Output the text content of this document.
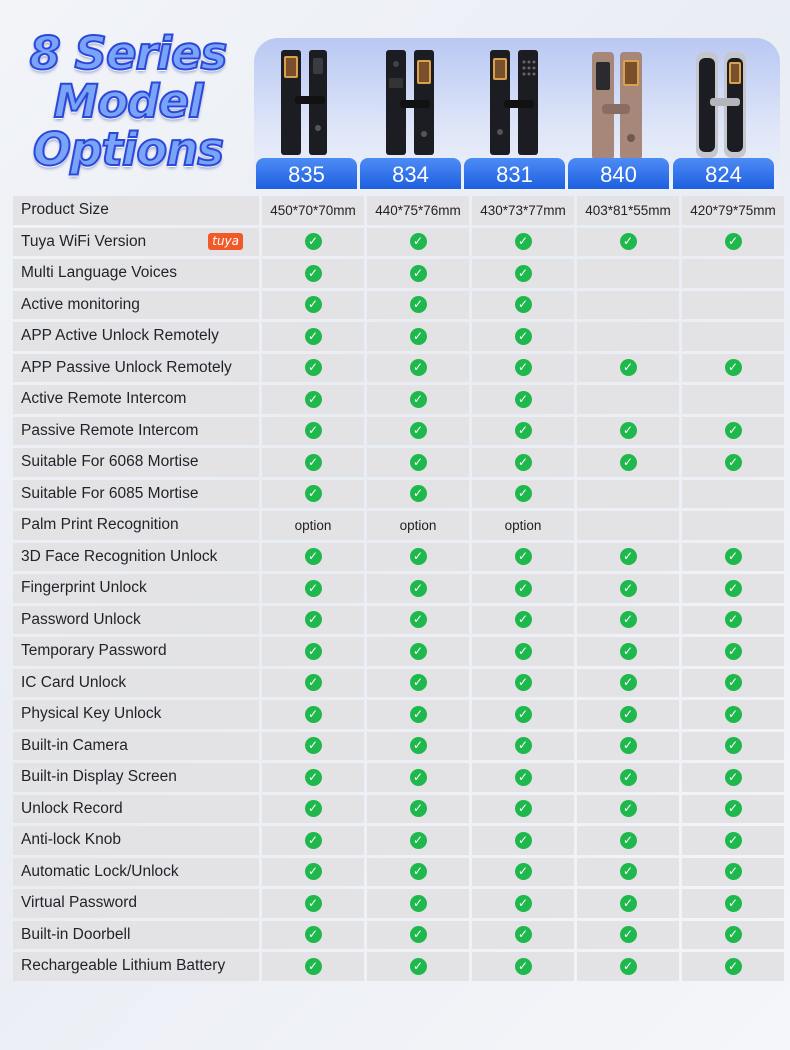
8 Series
Model
Options	835	834	831	840	824
Product Size	450*70*70mm	440*75*76mm	430*73*77mm	403*81*55mm	420*79*75mm
Tuya WiFi Version tuya	✓	✓	✓	✓	✓
Multi Language Voices	✓	✓	✓		
Active monitoring	✓	✓	✓		
APP Active Unlock Remotely	✓	✓	✓		
APP Passive Unlock Remotely	✓	✓	✓	✓	✓
Active Remote Intercom	✓	✓	✓		
Passive Remote Intercom	✓	✓	✓	✓	✓
Suitable For 6068 Mortise	✓	✓	✓	✓	✓
Suitable For 6085 Mortise	✓	✓	✓		
Palm Print Recognition	option	option	option		
3D Face Recognition Unlock	✓	✓	✓	✓	✓
Fingerprint Unlock	✓	✓	✓	✓	✓
Password Unlock	✓	✓	✓	✓	✓
Temporary Password	✓	✓	✓	✓	✓
IC Card Unlock	✓	✓	✓	✓	✓
Physical Key Unlock	✓	✓	✓	✓	✓
Built-in Camera	✓	✓	✓	✓	✓
Built-in Display Screen	✓	✓	✓	✓	✓
Unlock Record	✓	✓	✓	✓	✓
Anti-lock Knob	✓	✓	✓	✓	✓
Automatic Lock/Unlock	✓	✓	✓	✓	✓
Virtual Password	✓	✓	✓	✓	✓
Built-in Doorbell	✓	✓	✓	✓	✓
Rechargeable Lithium Battery	✓	✓	✓	✓	✓
